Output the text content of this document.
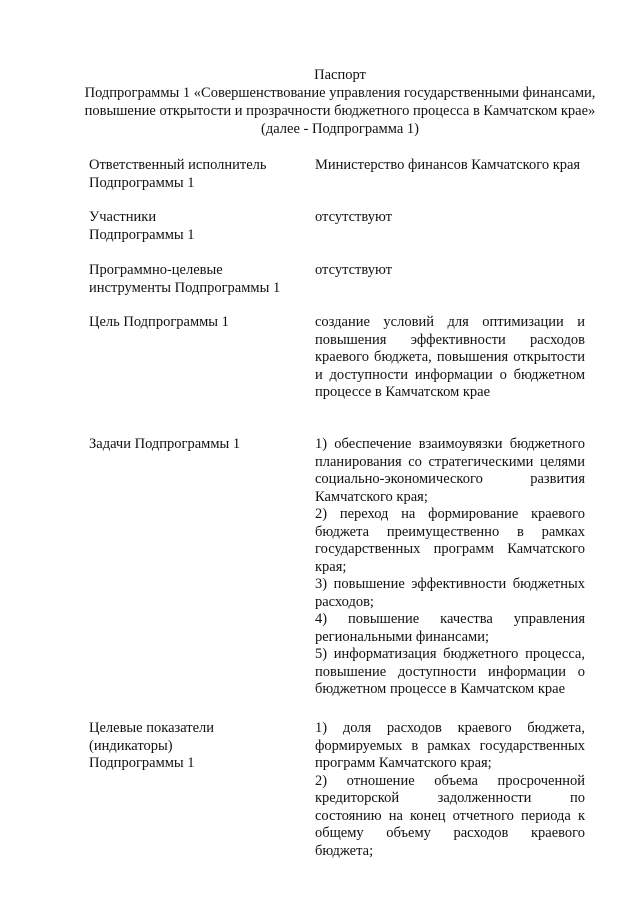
Паспорт
Подпрограммы 1 «Совершенствование управления государственными финансами, повышение открытости и прозрачности бюджетного процесса в Камчатском крае» (далее - Подпрограмма 1)
Ответственный исполнитель
Подпрограммы 1

Министерство финансов Камчатского края

Участники
Подпрограммы 1

отсутствуют

Программно-целевые
инструменты Подпрограммы 1

отсутствуют

Цель Подпрограммы 1	создание условий для оптимизации и повышения эффективности расходов краевого бюджета, повышения открытости и доступности информации о бюджетном процессе в Камчатском крае

Задачи Подпрограммы 1	1) обеспечение взаимоувязки бюджетного планирования со стратегическими целями социально-экономического развития Камчатского края;

2) переход на формирование краевого бюджета преимущественно в рамках государственных программ Камчатского края;

3) повышение эффективности бюджетных расходов;

4) повышение качества управления региональными финансами;

5) информатизация бюджетного процесса, повышение доступности информации о бюджетном процессе в Камчатском крае

Целевые показатели
(индикаторы)
Подпрограммы 1

1) доля расходов краевого бюджета, формируемых в рамках государственных программ Камчатского края;

2) отношение объема просроченной кредиторской задолженности по состоянию на конец отчетного периода к общему объему расходов краевого бюджета;
